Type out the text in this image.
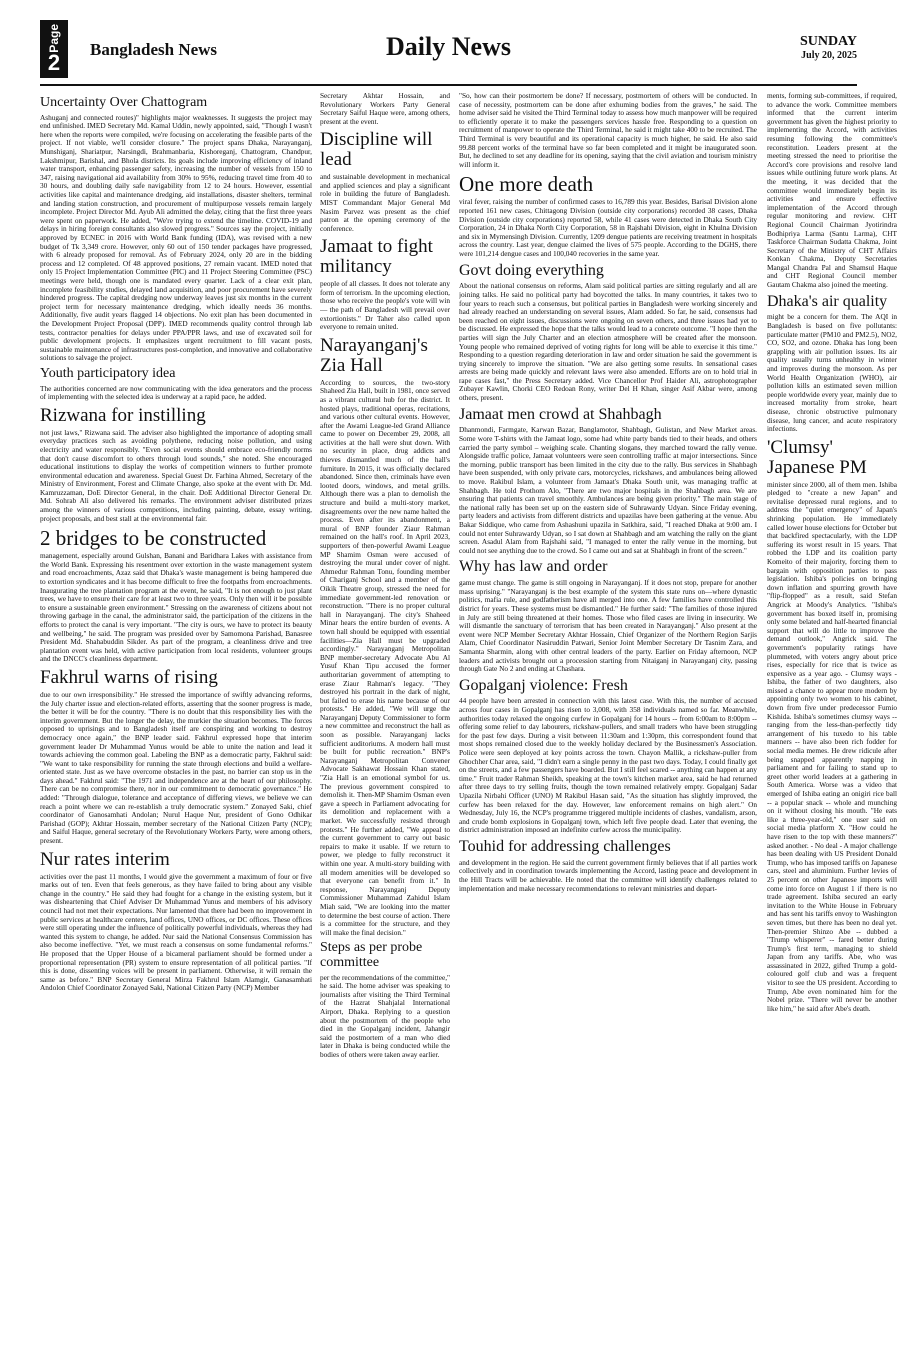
Page
2
Bangladesh News	Daily News	SUNDAY
July 20, 2025
Uncertainty Over Chattogram

Ashuganj and connected routes)" highlights major weaknesses. It suggests the project may end unfinished. IMED Secretary Md. Kamal Uddin, newly appointed, said, "Though I wasn't here when the reports were compiled, we're focusing on accelerating the feasible parts of the project. If not viable, we'll consider closure." The project spans Dhaka, Narayanganj, Munshiganj, Shariatpur, Narsingdi, Brahmanbaria, Kishoreganj, Chattogram, Chandpur, Lakshmipur, Barishal, and Bhola districts. Its goals include improving efficiency of inland water transport, enhancing passenger safety, increasing the number of vessels from 150 to 347, raising navigational aid availability from 30% to 95%, reducing travel time from 40 to 30 hours, and doubling daily safe navigability from 12 to 24 hours. However, essential activities like capital and maintenance dredging, aid installations, disaster shelters, terminal and landing station construction, and procurement of multipurpose vessels remain largely incomplete. Project Director Md. Ayub Ali admitted the delay, citing that the first three years were spent on paperwork. He added, "We're trying to extend the timeline. COVID-19 and delays in hiring foreign consultants also slowed progress." Sources say the project, initially approved by ECNEC in 2016 with World Bank funding (IDA), was revised with a new budget of Tk 3,349 crore. However, only 60 out of 150 tender packages have progressed, with 6 already proposed for removal. As of February 2024, only 20 are in the bidding process and 12 completed. Of 48 approved positions, 27 remain vacant. IMED noted that only 15 Project Implementation Committee (PIC) and 11 Project Steering Committee (PSC) meetings were held, though one is mandated every quarter. Lack of a clear exit plan, incomplete feasibility studies, delayed land acquisition, and poor procurement have severely hindered progress. The capital dredging now underway leaves just six months in the current project term for necessary maintenance dredging, which ideally needs 36 months. Additionally, five audit years flagged 14 objections. No exit plan has been documented in the Development Project Proposal (DPP). IMED recommends quality control through lab tests, contractor penalties for delays under PPA/PPR laws, and use of excavated soil for public development projects. It emphasizes urgent recruitment to fill vacant posts, sustainable maintenance of infrastructures post-completion, and innovative and collaborative solutions to salvage the project.

Youth participatory idea

The authorities concerned are now communicating with the idea generators and the process of implementing with the selected idea is underway at a rapid pace, he added.

Rizwana for instilling

not just laws," Rizwana said. The adviser also highlighted the importance of adopting small everyday practices such as avoiding polythene, reducing noise pollution, and using electricity and water responsibly. "Even social events should embrace eco-friendly norms that don't cause discomfort to others through loud sounds," she noted. She encouraged educational institutions to display the works of competition winners to further promote environmental education and awareness. Special Guest Dr. Farhina Ahmed, Secretary of the Ministry of Environment, Forest and Climate Change, also spoke at the event with Dr. Md. Kamruzzaman, DoE Director General, in the chair. DoE Additional Director General Dr. Md. Sohrab Ali also delivered his remarks. The environment adviser distributed prizes among the winners of various competitions, including painting, debate, essay writing, project proposals, and best stall at the environmental fair.

2 bridges to be constructed

management, especially around Gulshan, Banani and Baridhara Lakes with assistance from the World Bank. Expressing his resentment over extortion in the waste management system and road encroachments, Azaz said that Dhaka's waste management is being hampered due to extortion syndicates and it has become difficult to free the footpaths from encroachments. Inaugurating the tree plantation program at the event, he said, "It is not enough to just plant trees, we have to ensure their care for at least two to three years. Only then will it be possible to ensure a sustainable green environment." Stressing on the awareness of citizens about not throwing garbage in the canal, the administrator said, the participation of the citizens in the efforts to protect the canal is very important. "The city is ours, we have to protect its beauty and wellbeing," he said. The program was presided over by Samomona Parishad, Banasree President Md. Shahabuddin Sikder. As part of the program, a cleanliness drive and tree plantation event was held, with active participation from local residents, volunteer groups and the DNCC's cleanliness department.

Fakhrul warns of rising

due to our own irresponsibility." He stressed the importance of swiftly advancing reforms, the July charter issue and election-related efforts, asserting that the sooner progress is made, the better it will be for the country. "There is no doubt that this responsibility lies with the interim government. But the longer the delay, the murkier the situation becomes. The forces opposed to uprisings and to Bangladesh itself are conspiring and working to destroy democracy once again," the BNP leader said. Fakhrul expressed hope that interim government leader Dr Muhammad Yunus would be able to unite the nation and lead it towards achieving the common goal. Labeling the BNP as a democratic party, Fakhrul said: "We want to take responsibility for running the state through elections and build a welfare-oriented state. Just as we have overcome obstacles in the past, no barrier can stop us in the days ahead." Fakhrul said: "The 1971 and independence are at the heart of our philosophy. There can be no compromise there, nor in our commitment to democratic governance." He added: "Through dialogue, tolerance and acceptance of differing views, we believe we can reach a point where we can re-establish a truly democratic system." Zonayed Saki, chief coordinator of Ganosamhati Andolan; Nurul Haque Nur, president of Gono Odhikar Parishad (GOP); Akhtar Hossain, member secretary of the National Citizen Party (NCP); and Saiful Haque, general secretary of the Revolutionary Workers Party, were among others, present.

Nur rates interim

activities over the past 11 months, I would give the government a maximum of four or five marks out of ten. Even that feels generous, as they have failed to bring about any visible change in the country." He said they had fought for a change in the existing system, but it was disheartening that Chief Adviser Dr Muhammad Yunus and members of his advisory council had not met their expectations. Nur lamented that there had been no improvement in public services at healthcare centers, land offices, UNO offices, or DC offices. These offices were still operating under the influence of politically powerful individuals, whereas they had wanted this system to change, he added. Nur said the National Consensus Commission has also become ineffective. "Yet, we must reach a consensus on some fundamental reforms." He proposed that the Upper House of a bicameral parliament should be formed under a proportional representation (PR) system to ensure representation of all political parties. "If this is done, dissenting voices will be present in parliament. Otherwise, it will remain the same as before." BNP Secretary General Mirza Fakhrul Islam Alamgir, Ganasamhati Andolon Chief Coordinator Zonayed Saki, National Citizen Party (NCP) Member

Secretary Akhtar Hossain, and Revolutionary Workers Party General Secretary Saiful Haque were, among others, present at the event.

Discipline will lead

and sustainable development in mechanical and applied sciences and play a significant role in building the future of Bangladesh. MIST Commandant Major General Md Nasim Parvez was present as the chief patron at the opening ceremony of the conference.

Jamaat to fight militancy

people of all classes. It does not tolerate any form of terrorism. In the upcoming election, those who receive the people's vote will win — the path of Bangladesh will prevail over extortionists." Dr Taher also called upon everyone to remain united.

Narayanganj's Zia Hall

According to sources, the two-story Shaheed Zia Hall, built in 1981, once served as a vibrant cultural hub for the district. It hosted plays, traditional operas, recitations, and various other cultural events. However, after the Awami League-led Grand Alliance came to power on December 29, 2008, all activities at the hall were shut down. With no security in place, drug addicts and thieves dismantled much of the hall's furniture. In 2015, it was officially declared abandoned. Since then, criminals have even looted doors, windows, and metal grills. Although there was a plan to demolish the structure and build a multi-story market, disagreements over the new name halted the process. Even after its abandonment, a mural of BNP founder Ziaur Rahman remained on the hall's roof. In April 2023, supporters of then-powerful Awami League MP Shamim Osman were accused of destroying the mural under cover of night. Ahmedur Rahman Tonu, founding member of Chariganj School and a member of the Oikik Theatre group, stressed the need for immediate government-led renovation or reconstruction. "There is no proper cultural hall in Narayanganj. The city's Shaheed Minar hears the entire burden of events. A town hall should be equipped with essential facilities—Zia Hall must be upgraded accordingly." Narayanganj Metropolitan BNP member-secretary Advocate Abu Al Yusuf Khan Tipu accused the former authoritarian government of attempting to erase Ziaur Rahman's legacy. "They destroyed his portrait in the dark of night, but failed to erase his name because of our protests." He added, "We will urge the Narayanganj Deputy Commissioner to form a new committee and reconstruct the hall as soon as possible. Narayanganj lacks sufficient auditoriums. A modern hall must be built for public recreation." BNP's Narayanganj Metropolitan Convener Advocate Sakhawat Hossain Khan stated, "Zia Hall is an emotional symbol for us. The previous government conspired to demolish it. Then-MP Shamim Osman even gave a speech in Parliament advocating for its demolition and replacement with a market. We successfully resisted through protests." He further added, "We appeal to the current government to carry out basic repairs to make it usable. If we return to power, we pledge to fully reconstruct it within one year. A multi-story building with all modern amenities will be developed so that everyone can benefit from it." In response, Narayanganj Deputy Commissioner Muhammad Zahidul Islam Miah said, "We are looking into the matter to determine the best course of action. There is a committee for the structure, and they will make the final decision."

Steps as per probe committee

per the recommendations of the committee," he said. The home adviser was speaking to journalists after visiting the Third Terminal of the Hazrat Shahjalal International Airport, Dhaka. Replying to a question about the postmortem of the people who died in the Gopalganj incident, Jahangir said the postmortem of a man who died later in Dhaka is being conducted while the bodies of others were taken away earlier.

"So, how can their postmortem be done? If necessary, postmortem of others will be conducted. In case of necessity, postmortem can be done after exhuming bodies from the graves," he said. The home adviser said he visited the Third Terminal today to assess how much manpower will be required to efficiently operate it to make the passengers services hassle free. Responding to a question on recruitment of manpower to operate the Third Terminal, he said it might take 400 to be recruited. The Third Terminal is very beautiful and its operational capacity is much higher, he said. He also said 99.88 percent works of the terminal have so far been completed and it might be inaugurated soon. But, he declined to set any deadline for its opening, saying that the civil aviation and tourism ministry will inform it.

One more death

viral fever, raising the number of confirmed cases to 16,789 this year. Besides, Barisal Division alone reported 161 new cases, Chittagong Division (outside city corporations) recorded 38 cases, Dhaka Division (outside city corporations) reported 58, while 41 cases were detected in Dhaka South City Corporation, 24 in Dhaka North City Corporation, 58 in Rajshahi Division, eight in Khulna Division and six in Mymensingh Division. Currently, 1209 dengue patients are receiving treatment in hospitals across the country. Last year, dengue claimed the lives of 575 people. According to the DGHS, there were 101,214 dengue cases and 100,040 recoveries in the same year.

Govt doing everything

About the national consensus on reforms, Alam said political parties are sitting regularly and all are joining talks. He said no political party had boycotted the talks. In many countries, it takes two to four years to reach such a consensus, but political parties in Bangladesh were working sincerely and had already reached an understanding on several issues, Alam added. So far, he said, consensus had been reached on eight issues, discussions were ongoing on seven others, and three issues had yet to be discussed. He expressed the hope that the talks would lead to a concrete outcome. "I hope then the parties will sign the July Charter and an election atmosphere will be created after the monsoon. Young people who remained deprived of voting rights for long will be able to exercise it this time." Responding to a question regarding deterioration in law and order situation he said the government is trying sincerely to improve the situation. "We are also getting some results. In sensational cases arrests are being made quickly and relevant laws were also amended. Efforts are on to hold trial in rape cases fast," the Press Secretary added. Vice Chancellor Prof Haider Ali, astrophotographer Zubayer Kawlin, Chorki CEO Redoan Rony, writer Del H Khan, singer Asif Akbar were, among others, present.

Jamaat men crowd at Shahbagh

Dhanmondi, Farmgate, Karwan Bazar, Banglamotor, Shahbagh, Gulistan, and New Market areas. Some wore T-shirts with the Jamaat logo, some had white party bands tied to their heads, and others carried the party symbol – weighing scale. Chanting slogans, they marched toward the rally venue. Alongside traffic police, Jamaat volunteers were seen controlling traffic at major intersections. Since the morning, public transport has been limited in the city due to the rally. Bus services in Shahbagh have been suspended, with only private cars, motorcycles, rickshaws, and ambulances being allowed to move. Rakibul Islam, a volunteer from Jamaat's Dhaka South unit, was managing traffic at Shahbagh. He told Prothom Alo, "There are two major hospitals in the Shahbagh area. We are ensuring that patients can travel smoothly. Ambulances are being given priority." The main stage of the national rally has been set up on the eastern side of Suhrawardy Udyan. Since Friday evening, party leaders and activists from different districts and upazilas have been gathering at the venue. Abu Bakar Siddique, who came from Ashashuni upazila in Satkhira, said, "I reached Dhaka at 9:00 am. I could not enter Suhrawardy Udyan, so I sat down at Shahbagh and am watching the rally on the giant screen. Asadul Alam from Rajshahi said, "I managed to enter the rally venue in the morning, but could not see anything due to the crowd. So I came out and sat at Shahbagh in front of the screen."

Why has law and order

game must change. The game is still ongoing in Narayanganj. If it does not stop, prepare for another mass uprising." "Narayanganj is the best example of the system this state runs on—where dynastic politics, mafia rule, and godfatherism have all merged into one. A few families have controlled this district for years. These systems must be dismantled." He further said: "The families of those injured in July are still being threatened at their homes. Those who filed cases are living in insecurity. We will dismantle the sanctuary of terrorism that has been created in Narayanganj." Also present at the event were NCP Member Secretary Akhtar Hossain, Chief Organizer of the Northern Region Sarjis Alam, Chief Coordinator Nasiruddin Patwari, Senior Joint Member Secretary Dr Tasnim Zara, and Samanta Sharmin, along with other central leaders of the party. Earlier on Friday afternoon, NCP leaders and activists brought out a procession starting from Nitaiganj in Narayanganj city, passing through Gate No 2 and ending at Chashara.

Gopalganj violence: Fresh

44 people have been arrested in connection with this latest case. With this, the number of accused across four cases in Gopalganj has risen to 3,008, with 358 individuals named so far. Meanwhile, authorities today relaxed the ongoing curfew in Gopalganj for 14 hours -- from 6:00am to 8:00pm -- offering some relief to day labourers, rickshaw-pullers, and small traders who have been struggling for the past few days. During a visit between 11:30am and 1:30pm, this correspondent found that most shops remained closed due to the weekly holiday declared by the Businessmen's Association. Police were seen deployed at key points across the town. Chayon Mallik, a rickshaw-puller from Ghochher Char area, said, "I didn't earn a single penny in the past two days. Today, I could finally get on the streets, and a few passengers have boarded. But I still feel scared -- anything can happen at any time." Fruit trader Rahman Sheikh, speaking at the town's kitchen market area, said he had returned after three days to try selling fruits, though the town remained relatively empty. Gopalganj Sadar Upazila Nirbahi Officer (UNO) M Rakibul Hasan said, "As the situation has slightly improved, the curfew has been relaxed for the day. However, law enforcement remains on high alert." On Wednesday, July 16, the NCP's programme triggered multiple incidents of clashes, vandalism, arson, and crude bomb explosions in Gopalganj town, which left five people dead. Later that evening, the district administration imposed an indefinite curfew across the municipality.

Touhid for addressing challenges

and development in the region. He said the current government firmly believes that if all parties work collectively and in coordination towards implementing the Accord, lasting peace and development in the Hill Tracts will be achievable. He noted that the committee will identify challenges related to implementation and make necessary recommendations to relevant ministries and depart-

ments, forming sub-committees, if required, to advance the work. Committee members informed that the current interim government has given the highest priority to implementing the Accord, with activities resuming following the committee's reconstitution. Leaders present at the meeting stressed the need to prioritise the Accord's core provisions and resolve land issues while outlining future work plans. At the meeting, it was decided that the committee would immediately begin its activities and ensure effective implementation of the Accord through regular monitoring and review. CHT Regional Council Chairman Jyotirindra Bodhipriya Larma (Santu Larma), CHT Taskforce Chairman Sudatta Chakma, Joint Secretary of the Ministry of CHT Affairs Konkan Chakma, Deputy Secretaries Mangal Chandra Pal and Shamsul Haque and CHT Regional Council member Gautam Chakma also joined the meeting.

Dhaka's air quality

might be a concern for them. The AQI in Bangladesh is based on five pollutants: particulate matter (PM10 and PM2.5), NO2, CO, SO2, and ozone. Dhaka has long been grappling with air pollution issues. Its air quality usually turns unhealthy in winter and improves during the monsoon. As per World Health Organization (WHO), air pollution kills an estimated seven million people worldwide every year, mainly due to increased mortality from stroke, heart disease, chronic obstructive pulmonary disease, lung cancer, and acute respiratory infections.

'Clumsy' Japanese PM

minister since 2000, all of them men. Ishiba pledged to "create a new Japan" and revitalise depressed rural regions, and to address the "quiet emergency" of Japan's shrinking population. He immediately called lower house elections for October but that backfired spectacularly, with the LDP suffering its worst result in 15 years. That robbed the LDP and its coalition party Komeito of their majority, forcing them to bargain with opposition parties to pass legislation. Ishiba's policies on bringing down inflation and spurring growth have "flip-flopped" as a result, said Stefan Angrick at Moody's Analytics. "Ishiba's government has boxed itself in, promising only some belated and half-hearted financial support that will do little to improve the demand outlook," Angrick said. The government's popularity ratings have plummeted, with voters angry about price rises, especially for rice that is twice as expensive as a year ago. - Clumsy ways - Ishiba, the father of two daughters, also missed a chance to appear more modern by appointing only two women to his cabinet, down from five under predecessor Fumio Kishida. Ishiba's sometimes clumsy ways -- ranging from the less-than-perfectly tidy arrangement of his tuxedo to his table manners -- have also been rich fodder for social media memes. He drew ridicule after being snapped apparently napping in parliament and for failing to stand up to greet other world leaders at a gathering in South America. Worse was a video that emerged of Ishiba eating an onigiri rice ball -- a popular snack -- whole and munching on it without closing his mouth. "He eats like a three-year-old," one user said on social media platform X. "How could he have risen to the top with these manners?" asked another. - No deal - A major challenge has been dealing with US President Donald Trump, who has imposed tariffs on Japanese cars, steel and aluminium. Further levies of 25 percent on other Japanese imports will come into force on August 1 if there is no trade agreement. Ishiba secured an early invitation to the White House in February and has sent his tariffs envoy to Washington seven times, but there has been no deal yet. Then-premier Shinzo Abe -- dubbed a "Trump whisperer" -- fared better during Trump's first term, managing to shield Japan from any tariffs. Abe, who was assassinated in 2022, gifted Trump a gold-coloured golf club and was a frequent visitor to see the US president. According to Trump, Abe even nominated him for the Nobel prize. "There will never be another like him," he said after Abe's death.
